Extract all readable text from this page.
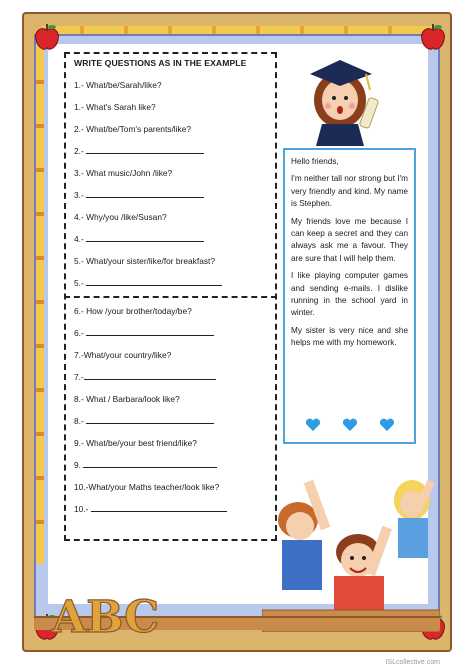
WRITE QUESTIONS AS IN THE EXAMPLE
1.- What/be/Sarah/like?
1.- What's Sarah like?
2.- What/be/Tom's parents/like?
2.-
3.- What music/John /like?
3.-
4.- Why/you /like/Susan?
4.-
5.- What/your sister/like/for breakfast?
5.-
6.- How /your brother/today/be?
6.-
7.-What/your country/like?
7.-
8.- What / Barbara/look like?
8.-
9.- What/be/your best friend/like?
9.
10.-What/your Maths teacher/look like?
10.-

Hello friends,

I'm neither tall nor strong but I'm very friendly and kind. My name is Stephen.

My friends love me because I can keep a secret and they can always ask me a favour. They are sure that I will help them.

I like playing computer games and sending e-mails. I dislike running in the school yard in winter.

My sister is very nice and she helps me with my homework.

ABC
ISLcollective.com
